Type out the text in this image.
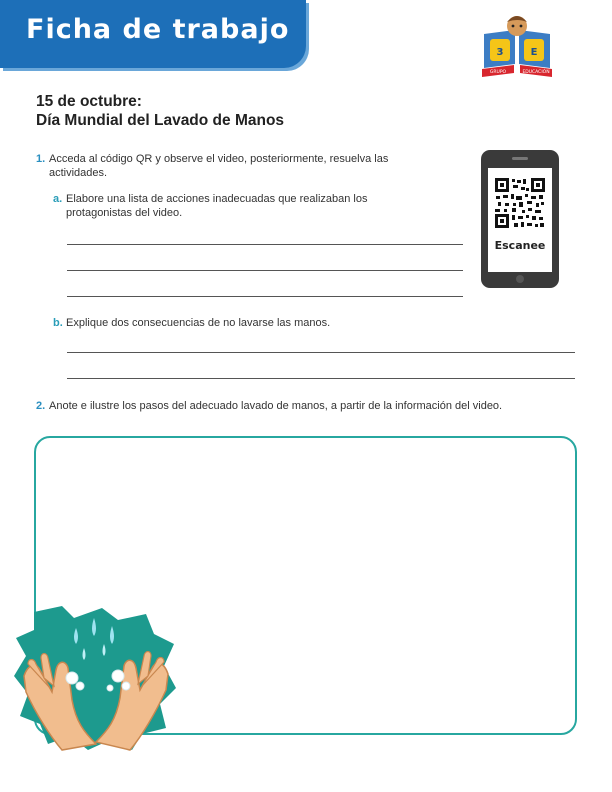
Ficha de trabajo
3	E
GRUPO	EDUCACIÓN
15 de octubre:
Día Mundial del Lavado de Manos
1. Acceda al código QR y observe el video, posteriormente, resuelva las actividades.
a. Elabore una lista de acciones inadecuadas que realizaban los protagonistas del video.
b. Explique dos consecuencias de no lavarse las manos.
2. Anote e ilustre los pasos del adecuado lavado de manos, a partir de la información del video.
Escanee
